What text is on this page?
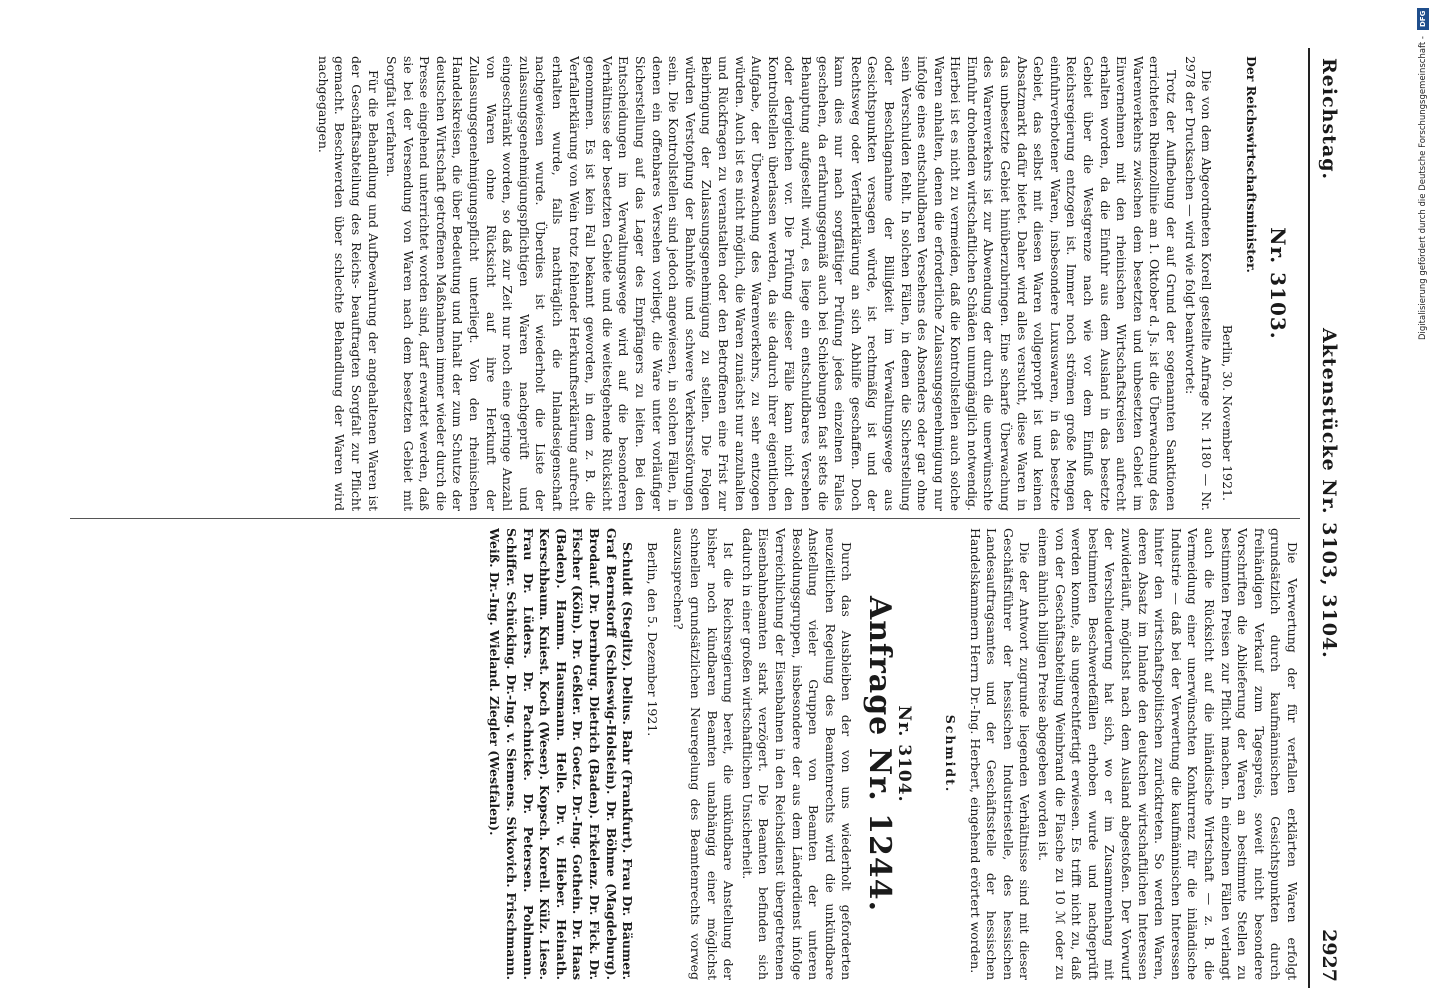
Reichstag.
Aktenstücke Nr. 3103, 3104.
2927
Nr. 3103.
Der Reichswirtschaftsminister.
Berlin, 30. November 1921.

Die von dem Abgeordneten Korell gestellte Anfrage Nr. 1180 — Nr. 2978 der Drucksachen — wird wie folgt beantwortet:

Trotz der Aufhebung der auf Grund der sogenannten Sanktionen errichteten Rheinzollinie am 1. Oktober d. Js. ist die Überwachung des Warenverkehrs zwischen dem besetzten und unbesetzten Gebiet im Einvernehmen mit den rheinischen Wirtschaftskreisen aufrecht erhalten worden, da die Einfuhr aus dem Ausland in das besetzte Gebiet über die Westgrenze nach wie vor dem Einfluß der Reichsregierung entzogen ist. Immer noch strömen große Mengen einfuhrverbotener Waren, insbesondere Luxuswaren, in das besetzte Gebiet, das selbst mit diesen Waren vollgepropft ist und keinen Absatzmarkt dafür bietet. Daher wird alles versucht, diese Waren in das unbesetzte Gebiet hinüberzubringen. Eine scharfe Überwachung des Warenverkehrs ist zur Abwendung der durch die unerwünschte Einfuhr drohenden wirtschaftlichen Schäden unumgänglich notwendig. Hierbei ist es nicht zu vermeiden, daß die Kontrollstellen auch solche Waren anhalten, denen die erforderliche Zulassungsgenehmigung nur infolge eines entschuldbaren Versehens des Absenders oder gar ohne sein Verschulden fehlt. In solchen Fällen, in denen die Sicherstellung oder Beschlagnahme der Billigkeit im Verwaltungswege aus Gesichtspunkten versagen würde, ist rechtmäßig ist und der Rechtsweg oder Verfallerklärung an sich Abhilfe geschaffen. Doch kann dies nur nach sorgfältiger Prüfung jedes einzelnen Falles geschehen, da erfahrungsgemäß auch bei Schiebungen fast stets die Behauptung aufgestellt wird, es liege ein entschuldbares Versehen oder dergleichen vor. Die Prüfung dieser Fälle kann nicht den Kontrollstellen überlassen werden, da sie dadurch ihrer eigentlichen Aufgabe, der Überwachung des Warenverkehrs, zu sehr entzogen würden. Auch ist es nicht möglich, die Waren zunächst nur anzuhalten und Rückfragen zu veranstalten oder den Betroffenen eine Frist zur Beibringung der Zulassungsgenehmigung zu stellen. Die Folgen würden Verstopfung der Bahnhöfe und schwere Verkehrsstörungen sein. Die Kontrollstellen sind jedoch angewiesen, in solchen Fällen, in denen ein offenbares Versehen vorliegt, die Ware unter vorläufiger Sicherstellung auf das Lager des Empfängers zu leiten. Bei den Entscheidungen im Verwaltungswege wird auf die besonderen Verhältnisse der besetzten Gebiete und die weitestgehende Rücksicht genommen. Es ist kein Fall bekannt geworden, in dem z. B. die Verfallerklärung von Wein trotz fehlender Herkunftserklärung aufrecht erhalten wurde, falls nachträglich die Inlandseigenschaft nachgewiesen wurde. Überdies ist wiederholt die Liste der zulassungsgenehmigungspflichtigen Waren nachgeprüft und eingeschränkt worden, so daß zur Zeit nur noch eine geringe Anzahl von Waren ohne Rücksicht auf ihre Herkunft der Zulassungsgenehmigungspflicht unterliegt. Von den rheinischen Handelskreisen, die über Bedeutung und Inhalt der zum Schutze der deutschen Wirtschaft getroffenen Maßnahmen immer wieder durch die Presse eingehend unterrichtet worden sind, darf erwartet werden, daß sie bei der Versendung von Waren nach dem besetzten Gebiet mit Sorgfalt verfahren.

Für die Behandlung und Aufbewahrung der angehaltenen Waren ist der Geschäftsabteilung des Reichs- beauftragten Sorgfalt zur Pflicht gemacht. Beschwerden über schlechte Behandlung der Waren wird nachgegangen.

Die Verwertung der für verfallen erklärten Waren erfolgt grundsätzlich durch kaufmännischen Gesichtspunkten durch freihändigen Verkauf zum Tagespreis, soweit nicht besondere Vorschriften die Ablieferung der Waren an bestimmte Stellen zu bestimmten Preisen zur Pflicht machen. In einzelnen Fällen verlangt auch die Rücksicht auf die inländische Wirtschaft — z. B. die Vermeidung einer unerwünschten Konkurrenz für die inländische Industrie — daß bei der Verwertung die kaufmännischen Interessen hinter den wirtschaftspolitischen zurücktreten. So werden Waren, deren Absatz im Inlande den deutschen wirtschaftlichen Interessen zuwiderläuft, möglichst nach dem Ausland abgestoßen. Der Vorwurf der Verschleuderung hat sich, wo er im Zusammenhang mit bestimmten Beschwerdefällen erhoben wurde und nachgeprüft werden konnte, als ungerechtfertigt erwiesen. Es trifft nicht zu, daß von der Geschäftsabteilung Weinbrand die Flasche zu 10 ℳ oder zu einem ähnlich billigen Preise abgegeben worden ist.

Die der Antwort zugrunde liegenden Verhältnisse sind mit dieser Geschäftsführer der hessischen Industriestelle, des hessischen Landesauftragsamtes und der Geschäftsstelle der hessischen Handelskammern Herrn Dr.-Ing. Herbert, eingehend erörtert worden.

Schmidt.
Nr. 3104.
Anfrage Nr. 1244.

Durch das Ausbleiben der von uns wiederholt geforderten neuzeitlichen Regelung des Beamtenrechts wird die unkündbare Anstellung vieler Gruppen von Beamten der unteren Besoldungsgruppen, insbesondere der aus dem Länderdienst infolge Verreichlichung der Eisenbahnen in den Reichsdienst übergetretenen Eisenbahnbeamten stark verzögert. Die Beamten befinden sich dadurch in einer großen wirtschaftlichen Unsicherheit.

Ist die Reichsregierung bereit, die unkündbare Anstellung der bisher noch kündbaren Beamten unabhängig einer möglichst schnellen grundsätzlichen Neuregelung des Beamtenrechts vorweg auszusprechen?

Berlin, den 5. Dezember 1921.

Schuldt (Steglitz). Delius. Bahr (Frankfurt). Frau Dr. Bäumer. Graf Bernstorff (Schleswig-Holstein). Dr. Böhme (Magdeburg). Brodauf. Dr. Dernburg. Dietrich (Baden). Erkelenz. Dr. Fick. Dr. Fischer (Köln). Dr. Geßler. Dr. Goetz. Dr.-Ing. Gothein. Dr. Haas (Baden). Hamm. Hausmann. Helle. Dr. v. Hieber. Heinath. Kerschbaum. Kniest. Koch (Weser). Kopsch. Korell. Külz. Liese. Frau Dr. Lüders. Dr. Pachnicke. Dr. Petersen. Pohlmann. Schiffer. Schücking. Dr.-Ing. v. Siemens. Sivkovich. Frischmann. Weiß. Dr.-Ing. Wieland. Ziegler (Westfalen).

DFG
Digitalisierung gefördert durch die Deutsche Forschungsgemeinschaft -
